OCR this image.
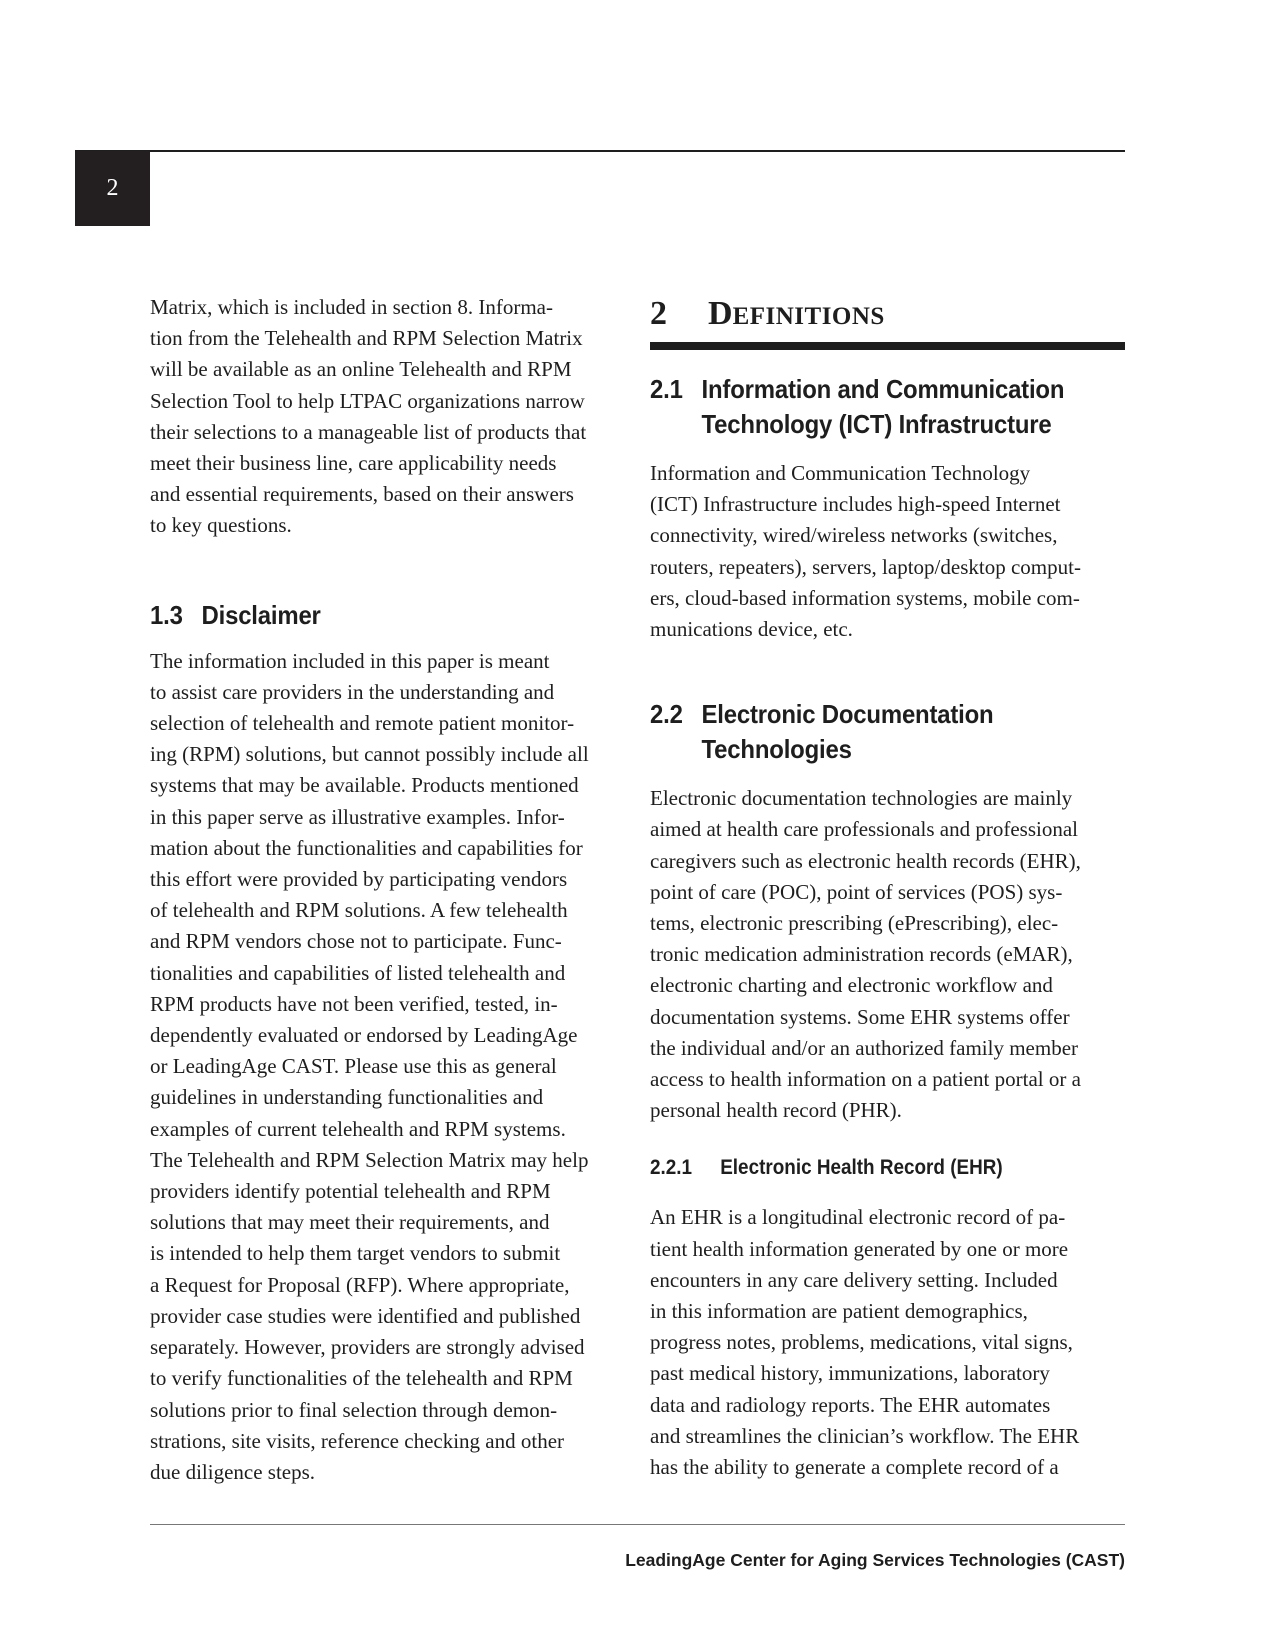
2

Matrix, which is included in section 8. Informa-
tion from the Telehealth and RPM Selection Matrix
will be available as an online Telehealth and RPM
Selection Tool to help LTPAC organizations narrow
their selections to a manageable list of products that
meet their business line, care applicability needs
and essential requirements, based on their answers
to key questions.

1.3 Disclaimer

The information included in this paper is meant
to assist care providers in the understanding and
selection of telehealth and remote patient monitor-
ing (RPM) solutions, but cannot possibly include all
systems that may be available. Products mentioned
in this paper serve as illustrative examples. Infor-
mation about the functionalities and capabilities for
this effort were provided by participating vendors
of telehealth and RPM solutions. A few telehealth
and RPM vendors chose not to participate. Func-
tionalities and capabilities of listed telehealth and
RPM products have not been verified, tested, in-
dependently evaluated or endorsed by LeadingAge
or LeadingAge CAST. Please use this as general
guidelines in understanding functionalities and
examples of current telehealth and RPM systems.
The Telehealth and RPM Selection Matrix may help
providers identify potential telehealth and RPM
solutions that may meet their requirements, and
is intended to help them target vendors to submit
a Request for Proposal (RFP). Where appropriate,
provider case studies were identified and published
separately. However, providers are strongly advised
to verify functionalities of the telehealth and RPM
solutions prior to final selection through demon-
strations, site visits, reference checking and other
due diligence steps.

2	DEFINITIONS
2.1 Information and Communication
Technology (ICT) Infrastructure

Information and Communication Technology
(ICT) Infrastructure includes high-speed Internet
connectivity, wired/wireless networks (switches,
routers, repeaters), servers, laptop/desktop comput-
ers, cloud-based information systems, mobile com-
munications device, etc.

2.2 Electronic Documentation
Technologies

Electronic documentation technologies are mainly
aimed at health care professionals and professional
caregivers such as electronic health records (EHR),
point of care (POC), point of services (POS) sys-
tems, electronic prescribing (ePrescribing), elec-
tronic medication administration records (eMAR),
electronic charting and electronic workflow and
documentation systems. Some EHR systems offer
the individual and/or an authorized family member
access to health information on a patient portal or a
personal health record (PHR).

2.2.1	Electronic Health Record (EHR)

An EHR is a longitudinal electronic record of pa-
tient health information generated by one or more
encounters in any care delivery setting. Included
in this information are patient demographics,
progress notes, problems, medications, vital signs,
past medical history, immunizations, laboratory
data and radiology reports. The EHR automates
and streamlines the clinician’s workflow. The EHR
has the ability to generate a complete record of a

LeadingAge Center for Aging Services Technologies (CAST)
